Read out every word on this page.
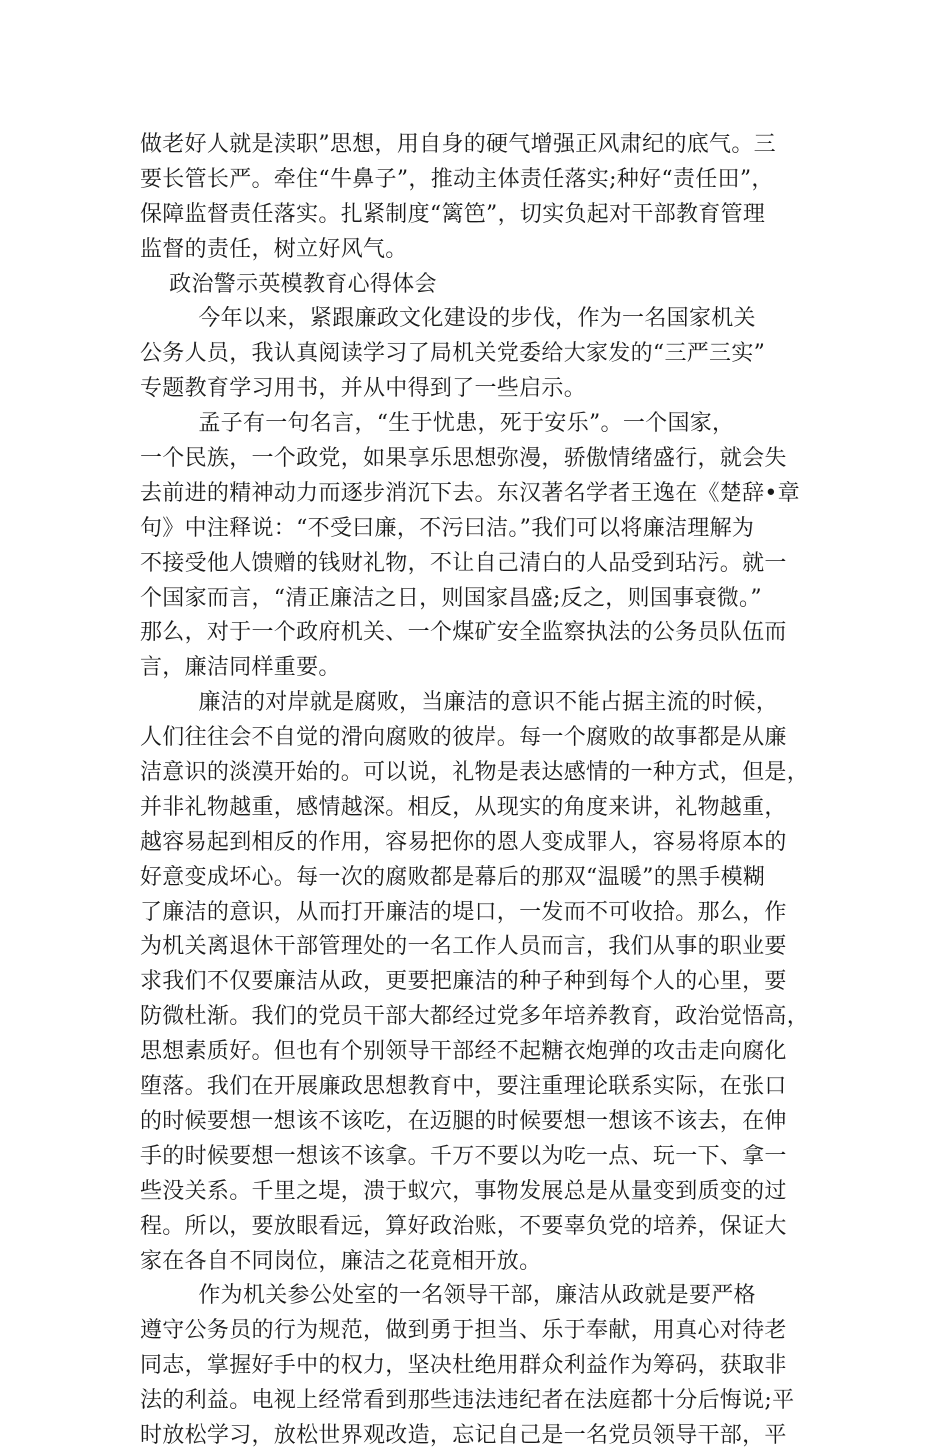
做老好人就是渎职”思想，用自身的硬气增强正风肃纪的底气。三
要长管长严。牵住“牛鼻子”，推动主体责任落实;种好“责任田”，
保障监督责任落实。扎紧制度“篱笆”，切实负起对干部教育管理
监督的责任，树立好风气。
政治警示英模教育心得体会
今年以来，紧跟廉政文化建设的步伐，作为一名国家机关
公务人员，我认真阅读学习了局机关党委给大家发的“三严三实”
专题教育学习用书，并从中得到了一些启示。
孟子有一句名言，“生于忧患，死于安乐”。一个国家，
一个民族，一个政党，如果享乐思想弥漫，骄傲情绪盛行，就会失
去前进的精神动力而逐步消沉下去。东汉著名学者王逸在《楚辞•章
句》中注释说：“不受曰廉，不污曰洁。”我们可以将廉洁理解为
不接受他人馈赠的钱财礼物，不让自己清白的人品受到玷污。就一
个国家而言，“清正廉洁之日，则国家昌盛;反之，则国事衰微。”
那么，对于一个政府机关、一个煤矿安全监察执法的公务员队伍而
言，廉洁同样重要。
廉洁的对岸就是腐败，当廉洁的意识不能占据主流的时候，
人们往往会不自觉的滑向腐败的彼岸。每一个腐败的故事都是从廉
洁意识的淡漠开始的。可以说，礼物是表达感情的一种方式，但是，
并非礼物越重，感情越深。相反，从现实的角度来讲，礼物越重，
越容易起到相反的作用，容易把你的恩人变成罪人，容易将原本的
好意变成坏心。每一次的腐败都是幕后的那双“温暖”的黑手模糊
了廉洁的意识，从而打开廉洁的堤口，一发而不可收拾。那么，作
为机关离退休干部管理处的一名工作人员而言，我们从事的职业要
求我们不仅要廉洁从政，更要把廉洁的种子种到每个人的心里，要
防微杜渐。我们的党员干部大都经过党多年培养教育，政治觉悟高，
思想素质好。但也有个别领导干部经不起糖衣炮弹的攻击走向腐化
堕落。我们在开展廉政思想教育中，要注重理论联系实际，在张口
的时候要想一想该不该吃，在迈腿的时候要想一想该不该去，在伸
手的时候要想一想该不该拿。千万不要以为吃一点、玩一下、拿一
些没关系。千里之堤，溃于蚁穴，事物发展总是从量变到质变的过
程。所以，要放眼看远，算好政治账，不要辜负党的培养，保证大
家在各自不同岗位，廉洁之花竟相开放。
作为机关参公处室的一名领导干部，廉洁从政就是要严格
遵守公务员的行为规范，做到勇于担当、乐于奉献，用真心对待老
同志，掌握好手中的权力，坚决杜绝用群众利益作为筹码，获取非
法的利益。电视上经常看到那些违法违纪者在法庭都十分后悔说;平
时放松学习，放松世界观改造，忘记自己是一名党员领导干部，平
